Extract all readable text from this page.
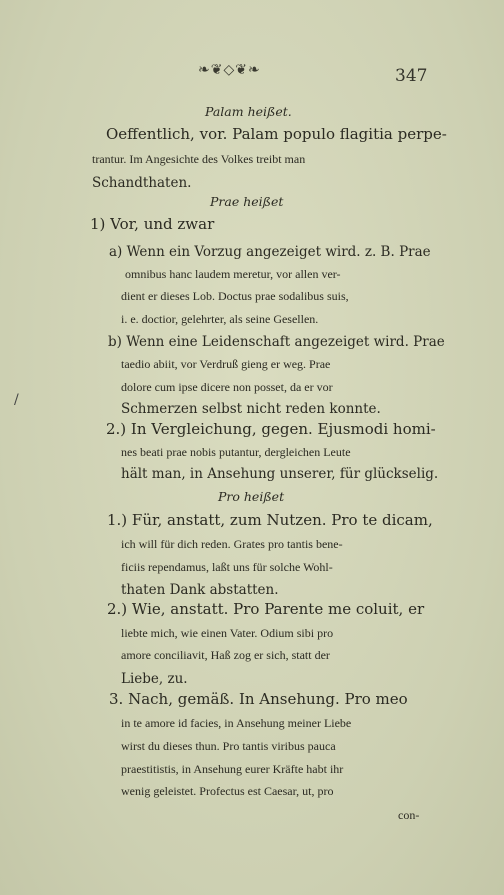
❧❦◇❦❧	347
Palam heißet.
Oeffentlich, vor. Palam populo flagitia perpe-
trantur. Im Angesichte des Volkes treibt man
Schandthaten.
Prae heißet
1) Vor, und zwar
a) Wenn ein Vorzug angezeiget wird. z. B. Prae
omnibus hanc laudem meretur, vor allen ver-
dient er dieses Lob. Doctus prae sodalibus suis,
i. e. doctior, gelehrter, als seine Gesellen.
b) Wenn eine Leidenschaft angezeiget wird. Prae
taedio abiit, vor Verdruß gieng er weg. Prae
dolore cum ipse dicere non posset, da er vor
Schmerzen selbst nicht reden konnte.
2.) In Vergleichung, gegen. Ejusmodi homi-
nes beati prae nobis putantur, dergleichen Leute
hält man, in Ansehung unserer, für glückselig.
Pro heißet
1.) Für, anstatt, zum Nutzen. Pro te dicam,
ich will für dich reden. Grates pro tantis bene-
ficiis rependamus, laßt uns für solche Wohl-
thaten Dank abstatten.
2.) Wie, anstatt. Pro Parente me coluit, er
liebte mich, wie einen Vater. Odium sibi pro
amore conciliavit, Haß zog er sich, statt der
Liebe, zu.
3. Nach, gemäß. In Ansehung. Pro meo
in te amore id facies, in Ansehung meiner Liebe
wirst du dieses thun. Pro tantis viribus pauca
praestitistis, in Ansehung eurer Kräfte habt ihr
wenig geleistet. Profectus est Caesar, ut, pro
con-
/
